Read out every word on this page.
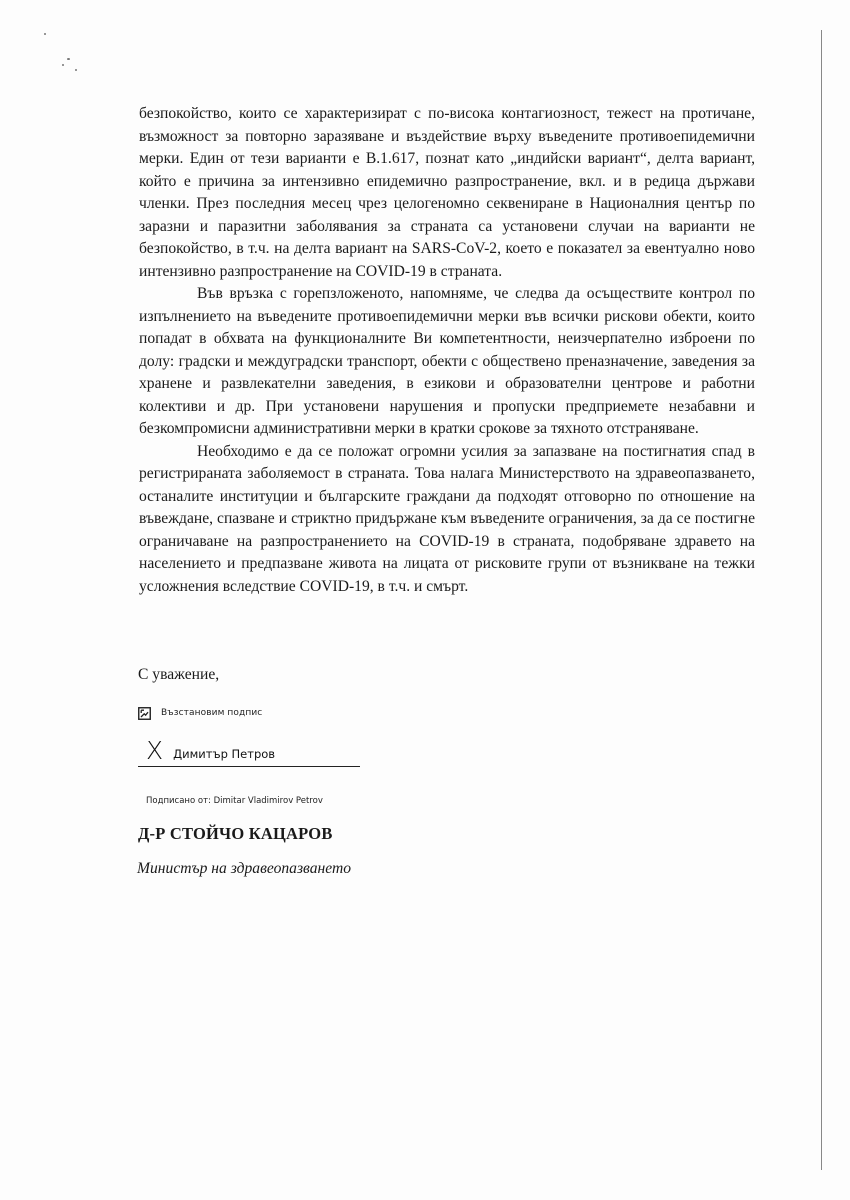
безпокойство, които се характеризират с по-висока контагиозност, тежест на протичане, възможност за повторно заразяване и въздействие върху въведените противоепидемични мерки. Един от тези варианти е B.1.617, познат като „индийски вариант“, делта вариант, който е причина за интензивно епидемично разпространение, вкл. и в редица държави членки. През последния месец чрез целогеномно секвениране в Националния център по заразни и паразитни заболявания за страната са установени случаи на варианти не безпокойство, в т.ч. на делта вариант на SARS-CoV-2, което е показател за евентуално ново интензивно разпространение на COVID-19 в страната.

Във връзка с горепзложеното, напомняме, че следва да осъществите контрол по изпълнението на въведените противоепидемични мерки във всички рискови обекти, които попадат в обхвата на функционалните Ви компетентности, неизчерпателно изброени по долу: градски и междуградски транспорт, обекти с обществено преназначение, заведения за хранене и развлекателни заведения, в езикови и образователни центрове и работни колективи и др. При установени нарушения и пропуски предприемете незабавни и безкомпромисни административни мерки в кратки срокове за тяхното отстраняване.

Необходимо е да се положат огромни усилия за запазване на постигнатия спад в регистрираната заболяемост в страната. Това налага Министерството на здравеопазването, останалите институции и българските граждани да подходят отговорно по отношение на въвеждане, спазване и стриктно придържане към въведените ограничения, за да се постигне ограничаване на разпространението на COVID-19 в страната, подобряване здравето на населението и предпазване живота на лицата от рисковите групи от възникване на тежки усложнения вследствие COVID-19, в т.ч. и смърт.

С уважение,
Възстановим подпис
X Димитър Петров
Подписано от: Dimitar Vladimirov Petrov
Д-Р СТОЙЧО КАЦАРОВ
Министър на здравеопазването
